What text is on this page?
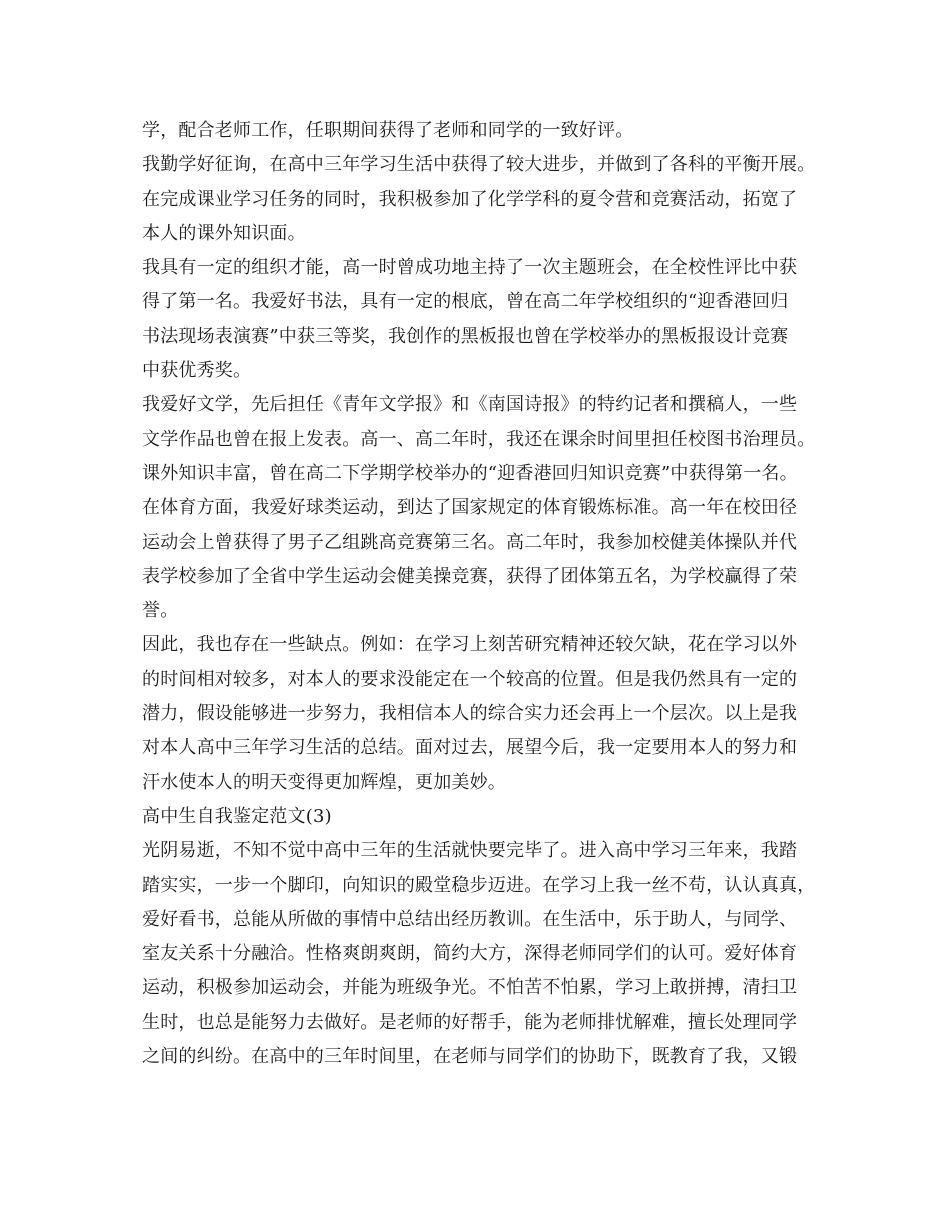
学，配合老师工作，任职期间获得了老师和同学的一致好评。
我勤学好征询，在高中三年学习生活中获得了较大进步，并做到了各科的平衡开展。
在完成课业学习任务的同时，我积极参加了化学学科的夏令营和竞赛活动，拓宽了
本人的课外知识面。
我具有一定的组织才能，高一时曾成功地主持了一次主题班会，在全校性评比中获
得了第一名。我爱好书法，具有一定的根底，曾在高二年学校组织的“迎香港回归
书法现场表演赛”中获三等奖，我创作的黑板报也曾在学校举办的黑板报设计竞赛
中获优秀奖。
我爱好文学，先后担任《青年文学报》和《南国诗报》的特约记者和撰稿人，一些
文学作品也曾在报上发表。高一、高二年时，我还在课余时间里担任校图书治理员。
课外知识丰富，曾在高二下学期学校举办的“迎香港回归知识竞赛”中获得第一名。
在体育方面，我爱好球类运动，到达了国家规定的体育锻炼标准。高一年在校田径
运动会上曾获得了男子乙组跳高竞赛第三名。高二年时，我参加校健美体操队并代
表学校参加了全省中学生运动会健美操竞赛，获得了团体第五名，为学校赢得了荣
誉。
因此，我也存在一些缺点。例如：在学习上刻苦研究精神还较欠缺，花在学习以外
的时间相对较多，对本人的要求没能定在一个较高的位置。但是我仍然具有一定的
潜力，假设能够进一步努力，我相信本人的综合实力还会再上一个层次。以上是我
对本人高中三年学习生活的总结。面对过去，展望今后，我一定要用本人的努力和
汗水使本人的明天变得更加辉煌，更加美妙。
高中生自我鉴定范文(3)
光阴易逝，不知不觉中高中三年的生活就快要完毕了。进入高中学习三年来，我踏
踏实实，一步一个脚印，向知识的殿堂稳步迈进。在学习上我一丝不苟，认认真真，
爱好看书，总能从所做的事情中总结出经历教训。在生活中，乐于助人，与同学、
室友关系十分融洽。性格爽朗爽朗，简约大方，深得老师同学们的认可。爱好体育
运动，积极参加运动会，并能为班级争光。不怕苦不怕累，学习上敢拼搏，清扫卫
生时，也总是能努力去做好。是老师的好帮手，能为老师排忧解难，擅长处理同学
之间的纠纷。在高中的三年时间里，在老师与同学们的协助下，既教育了我，又锻
